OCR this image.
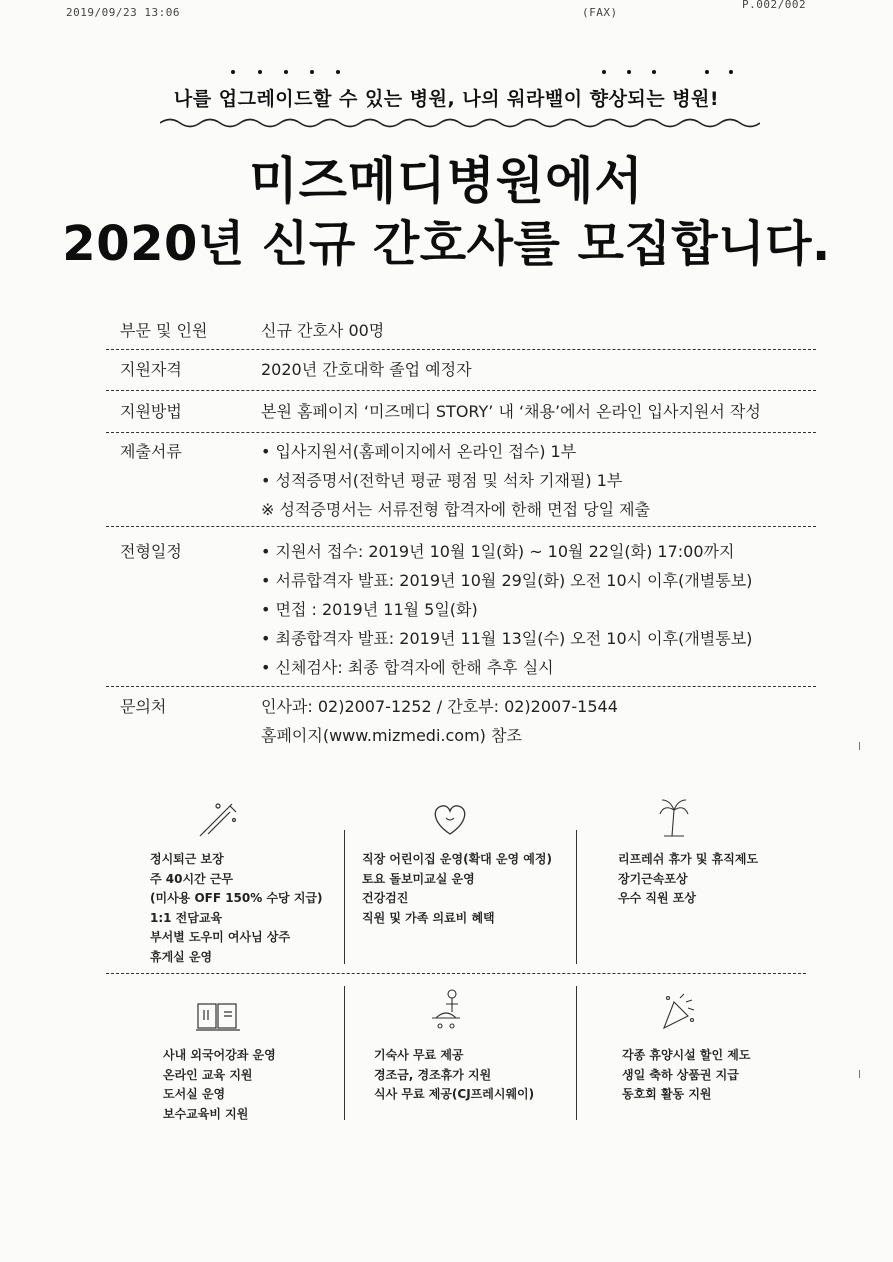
2019/09/23 13:06	(FAX)
P.002/002
나를 업그레이드할 수 있는 병원, 나의 워라밸이 향상되는 병원!
미즈메디병원에서
2020년 신규 간호사를 모집합니다.
부문 및 인원	신규 간호사 00명
지원자격	2020년 간호대학 졸업 예정자
지원방법	본원 홈페이지 ‘미즈메디 STORY’ 내 ‘채용’에서 온라인 입사지원서 작성
제출서류	• 입사지원서(홈페이지에서 온라인 접수) 1부
• 성적증명서(전학년 평균 평점 및 석차 기재필) 1부
※ 성적증명서는 서류전형 합격자에 한해 면접 당일 제출
전형일정	• 지원서 접수: 2019년 10월 1일(화) ~ 10월 22일(화) 17:00까지
• 서류합격자 발표: 2019년 10월 29일(화) 오전 10시 이후(개별통보)
• 면접 : 2019년 11월 5일(화)
• 최종합격자 발표: 2019년 11월 13일(수) 오전 10시 이후(개별통보)
• 신체검사: 최종 합격자에 한해 추후 실시
문의처	인사과: 02)2007-1252 / 간호부: 02)2007-1544
홈페이지(www.mizmedi.com) 참조
정시퇴근 보장
주 40시간 근무
(미사용 OFF 150% 수당 지급)
1:1 전담교육
부서별 도우미 여사님 상주
휴게실 운영
직장 어린이집 운영(확대 운영 예정)
토요 돌보미교실 운영
건강검진
직원 및 가족 의료비 혜택
리프레쉬 휴가 및 휴직제도
장기근속포상
우수 직원 포상
사내 외국어강좌 운영
온라인 교육 지원
도서실 운영
보수교육비 지원
기숙사 무료 제공
경조금, 경조휴가 지원
식사 무료 제공(CJ프레시웨이)
각종 휴양시설 할인 제도
생일 축하 상품권 지급
동호회 활동 지원
